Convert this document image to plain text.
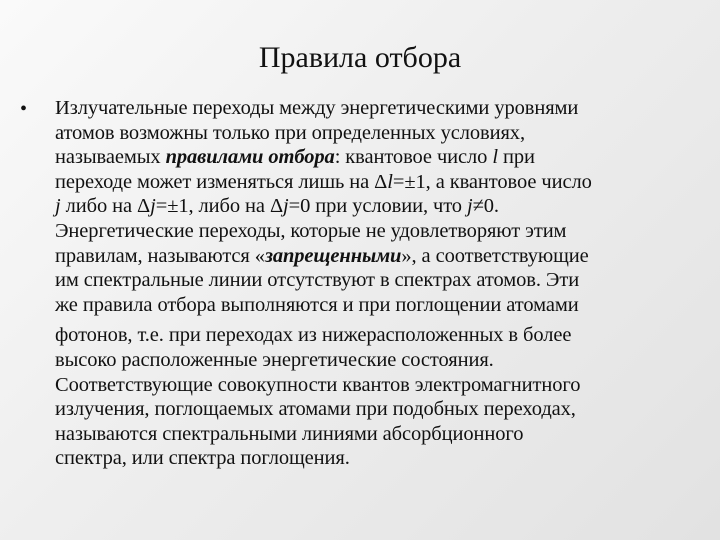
Правила отбора
• Излучательные переходы между энергетическими уровнями
атомов возможны только при определенных условиях,
называемых правилами отбора: квантовое число l при
переходе может изменяться лишь на Δl=±1, а квантовое число
j либо на Δj=±1, либо на Δj=0 при условии, что j≠0.
Энергетические переходы, которые не удовлетворяют этим
правилам, называются «запрещенными», а соответствующие
им спектральные линии отсутствуют в спектрах атомов. Эти
же правила отбора выполняются и при поглощении атомами
фотонов, т.е. при переходах из нижерасположенных в более
высоко расположенные энергетические состояния.
Соответствующие совокупности квантов электромагнитного
излучения, поглощаемых атомами при подобных переходах,
называются спектральными линиями абсорбционного
спектра, или спектра поглощения.
